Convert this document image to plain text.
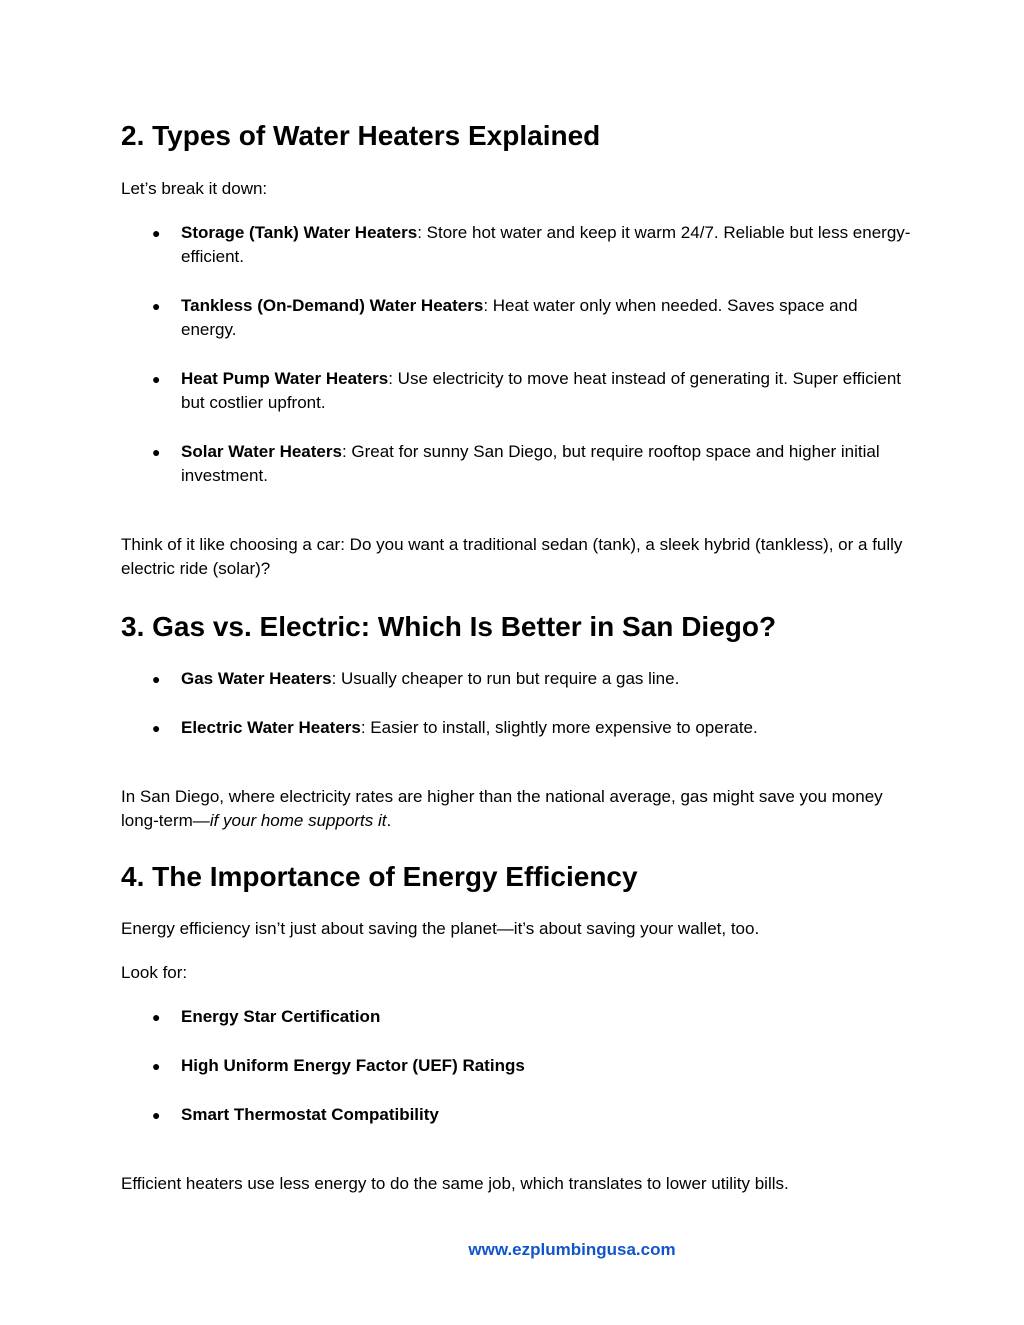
2. Types of Water Heaters Explained

Let’s break it down:

● Storage (Tank) Water Heaters: Store hot water and keep it warm 24/7. Reliable but less energy-efficient.
● Tankless (On-Demand) Water Heaters: Heat water only when needed. Saves space and energy.
● Heat Pump Water Heaters: Use electricity to move heat instead of generating it. Super efficient but costlier upfront.
● Solar Water Heaters: Great for sunny San Diego, but require rooftop space and higher initial investment.

Think of it like choosing a car: Do you want a traditional sedan (tank), a sleek hybrid (tankless), or a fully electric ride (solar)?

3. Gas vs. Electric: Which Is Better in San Diego?
● Gas Water Heaters: Usually cheaper to run but require a gas line.
● Electric Water Heaters: Easier to install, slightly more expensive to operate.

In San Diego, where electricity rates are higher than the national average, gas might save you money long-term—if your home supports it.

4. The Importance of Energy Efficiency

Energy efficiency isn’t just about saving the planet—it’s about saving your wallet, too.

Look for:

● Energy Star Certification
● High Uniform Energy Factor (UEF) Ratings
● Smart Thermostat Compatibility

Efficient heaters use less energy to do the same job, which translates to lower utility bills.

www.ezplumbingusa.com
